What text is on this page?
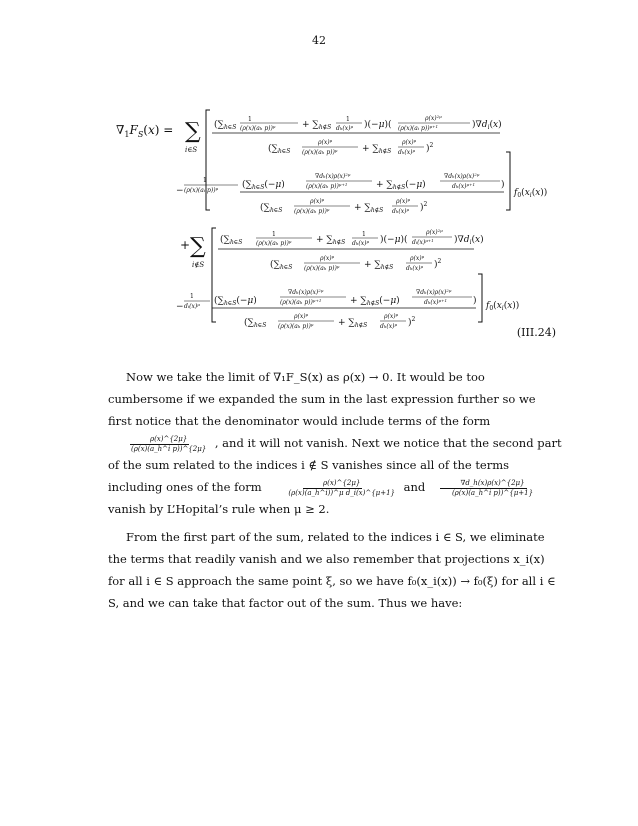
42
$\nabla_1F_S(x)$ = ∑
i∈S
($\sum_{h\in S}$
1
(ρ(x)(ah p))$^\mu$	+ $\sum_{h\notin S}$
1
$dh(x)^\mu$ )(−μ)(
$\rho(x)^{2\mu}$
(ρ(x)(ai p))$^{\mu+1}$	)$\nabla d_i(x)$
($\sum_{h\in S}$
$\rho(x)^\mu$
(ρ(x)(ah p))$^\mu$	+ $\sum_{h\notin S}$
$\rho(x)^\mu$
$dh(x)^\mu$ )$^2$
−
1
(ρ(x)(ai p))$^\mu$	($\sum_{h\in S}(-\mu)$
$\nabla dh(x)\rho(x)^{2\mu}$
(ρ(x)(ah p))$^{\mu+1}$	+ $\sum_{h\notin S}(-\mu)$
$\nabla dh(x)\rho(x)^{2\mu}$
$dh(x)^{\mu+1}$	)
($\sum_{h\in S}$
$\rho(x)^\mu$
(ρ(x)(ah p))$^\mu$	+ $\sum_{h\notin S}$
$\rho(x)^\mu$
$dh(x)^\mu$ )$^2$
$f_0(x_i(x))$
+ ∑
i∉S
($\sum_{h\in S}$
1
(ρ(x)(ah p))$^\mu$	+ $\sum_{h\notin S}$
1
$dh(x)^\mu$ )(−μ)(
$\rho(x)^{2\mu}$
$di(x)^{\mu+1}$ )$\nabla d_i(x)$
($\sum_{h\in S}$
$\rho(x)^\mu$
(ρ(x)(ah p))$^\mu$	+ $\sum_{h\notin S}$
$\rho(x)^\mu$
$dh(x)^\mu$ )$^2$
−
1
$di(x)^\mu$ ($\sum_{h\in S}(-\mu)$
$\nabla dh(x)\rho(x)^{2\mu}$
(ρ(x)(ah p))$^{\mu+1}$	+ $\sum_{h\notin S}(-\mu)$
$\nabla dh(x)\rho(x)^{2\mu}$
$dh(x)^{\mu+1}$	)
($\sum_{h\in S}$
$\rho(x)^\mu$
(ρ(x)(ah p))$^\mu$	+ $\sum_{h\notin S}$
$\rho(x)^\mu$
$dh(x)^\mu$ )$^2$
$f_0(x_i(x))$
(III.24)

Now we take the limit of ∇₁F_S(x) as ρ(x) → 0. It would be too cumbersome if we expanded the sum in the last expression further so we first notice that the denominator would include terms of the form
$\frac{\rho(x)\^{}\{2\mu\}}{\text{(ρ(x)(a\_h\textasciicircum{}i p))\textasciicircum{}\{2μ\}}}$ , and it will not vanish. Next we notice that the second part of the sum related to the indices i ∉ S vanishes since all of the terms including ones of the form $\frac{\rho(x)\^{}\{2\mu\}}{\text{(ρ(x)(a\_h\textasciicircum{}i))\textasciicircum{}μ d\_i(x)\textasciicircum{}\{μ+1\}}}$ and $\frac{\nabla d\_h(x)\rho(x)\^{}\{2\mu\}}{\text{(ρ(x)(a\_h\textasciicircum{}i p))\textasciicircum{}\{μ+1\}}}$
vanish by L’Hopital’s rule when μ ≥ 2.

From the first part of the sum, related to the indices i ∈ S, we eliminate the terms that readily vanish and we also remember that projections x_i(x) for all i ∈ S approach the same point ξ, so we have f₀(x_i(x)) → f₀(ξ) for all i ∈ S, and we can take that factor out of the sum. Thus we have:
